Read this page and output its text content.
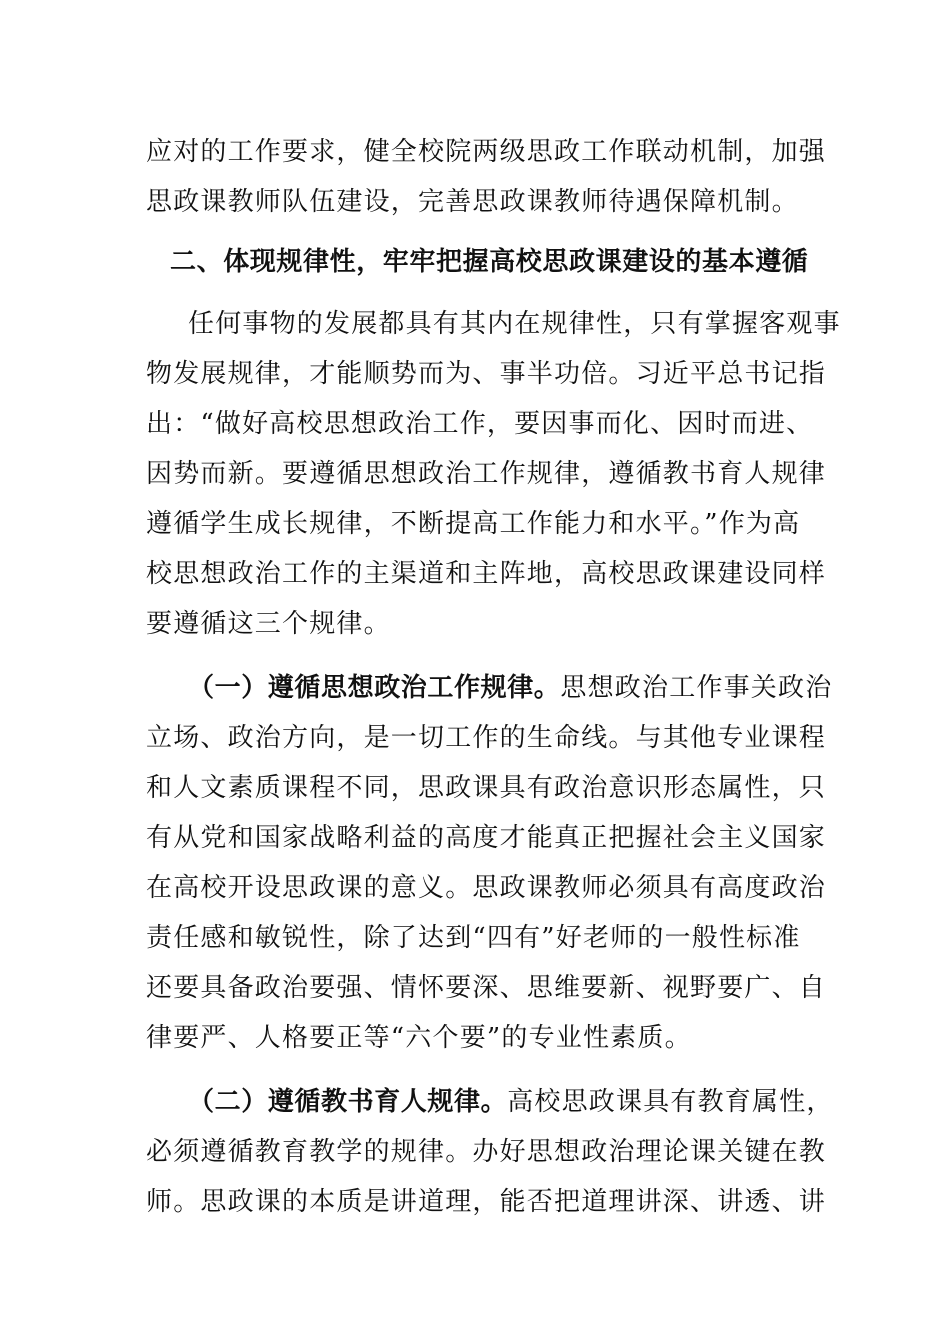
应对的工作要求，健全校院两级思政工作联动机制，加强
思政课教师队伍建设，完善思政课教师待遇保障机制。
二、体现规律性，牢牢把握高校思政课建设的基本遵循
任何事物的发展都具有其内在规律性，只有掌握客观事
物发展规律，才能顺势而为、事半功倍。习近平总书记指
出：“做好高校思想政治工作，要因事而化、因时而进、
因势而新。要遵循思想政治工作规律，遵循教书育人规律
遵循学生成长规律，不断提高工作能力和水平。”作为高
校思想政治工作的主渠道和主阵地，高校思政课建设同样
要遵循这三个规律。
（一）遵循思想政治工作规律。思想政治工作事关政治
立场、政治方向，是一切工作的生命线。与其他专业课程
和人文素质课程不同，思政课具有政治意识形态属性，只
有从党和国家战略利益的高度才能真正把握社会主义国家
在高校开设思政课的意义。思政课教师必须具有高度政治
责任感和敏锐性，除了达到“四有”好老师的一般性标准
还要具备政治要强、情怀要深、思维要新、视野要广、自
律要严、人格要正等“六个要”的专业性素质。
（二）遵循教书育人规律。高校思政课具有教育属性，
必须遵循教育教学的规律。办好思想政治理论课关键在教
师。思政课的本质是讲道理，能否把道理讲深、讲透、讲
